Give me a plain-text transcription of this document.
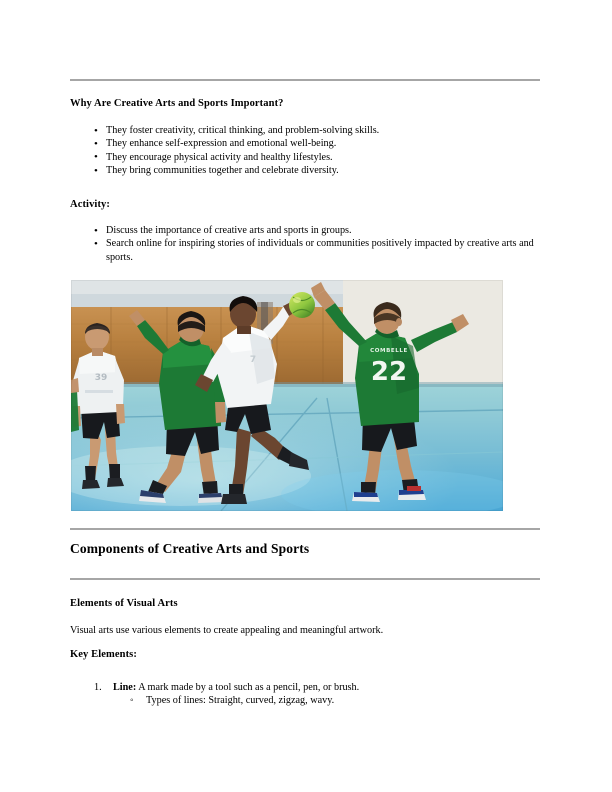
Why Are Creative Arts and Sports Important?
• They foster creativity, critical thinking, and problem-solving skills.
• They enhance self-expression and emotional well-being.
• They encourage physical activity and healthy lifestyles.
• They bring communities together and celebrate diversity.
Activity:
• Discuss the importance of creative arts and sports in groups.
• Search online for inspiring stories of individuals or communities positively impacted by creative arts and sports.
39
7
COMBELLE
22
Components of Creative Arts and Sports
Elements of Visual Arts

Visual arts use various elements to create appealing and meaningful artwork.

Key Elements:
Line: A mark made by a tool such as a pencil, pen, or brush.
◦ Types of lines: Straight, curved, zigzag, wavy.
